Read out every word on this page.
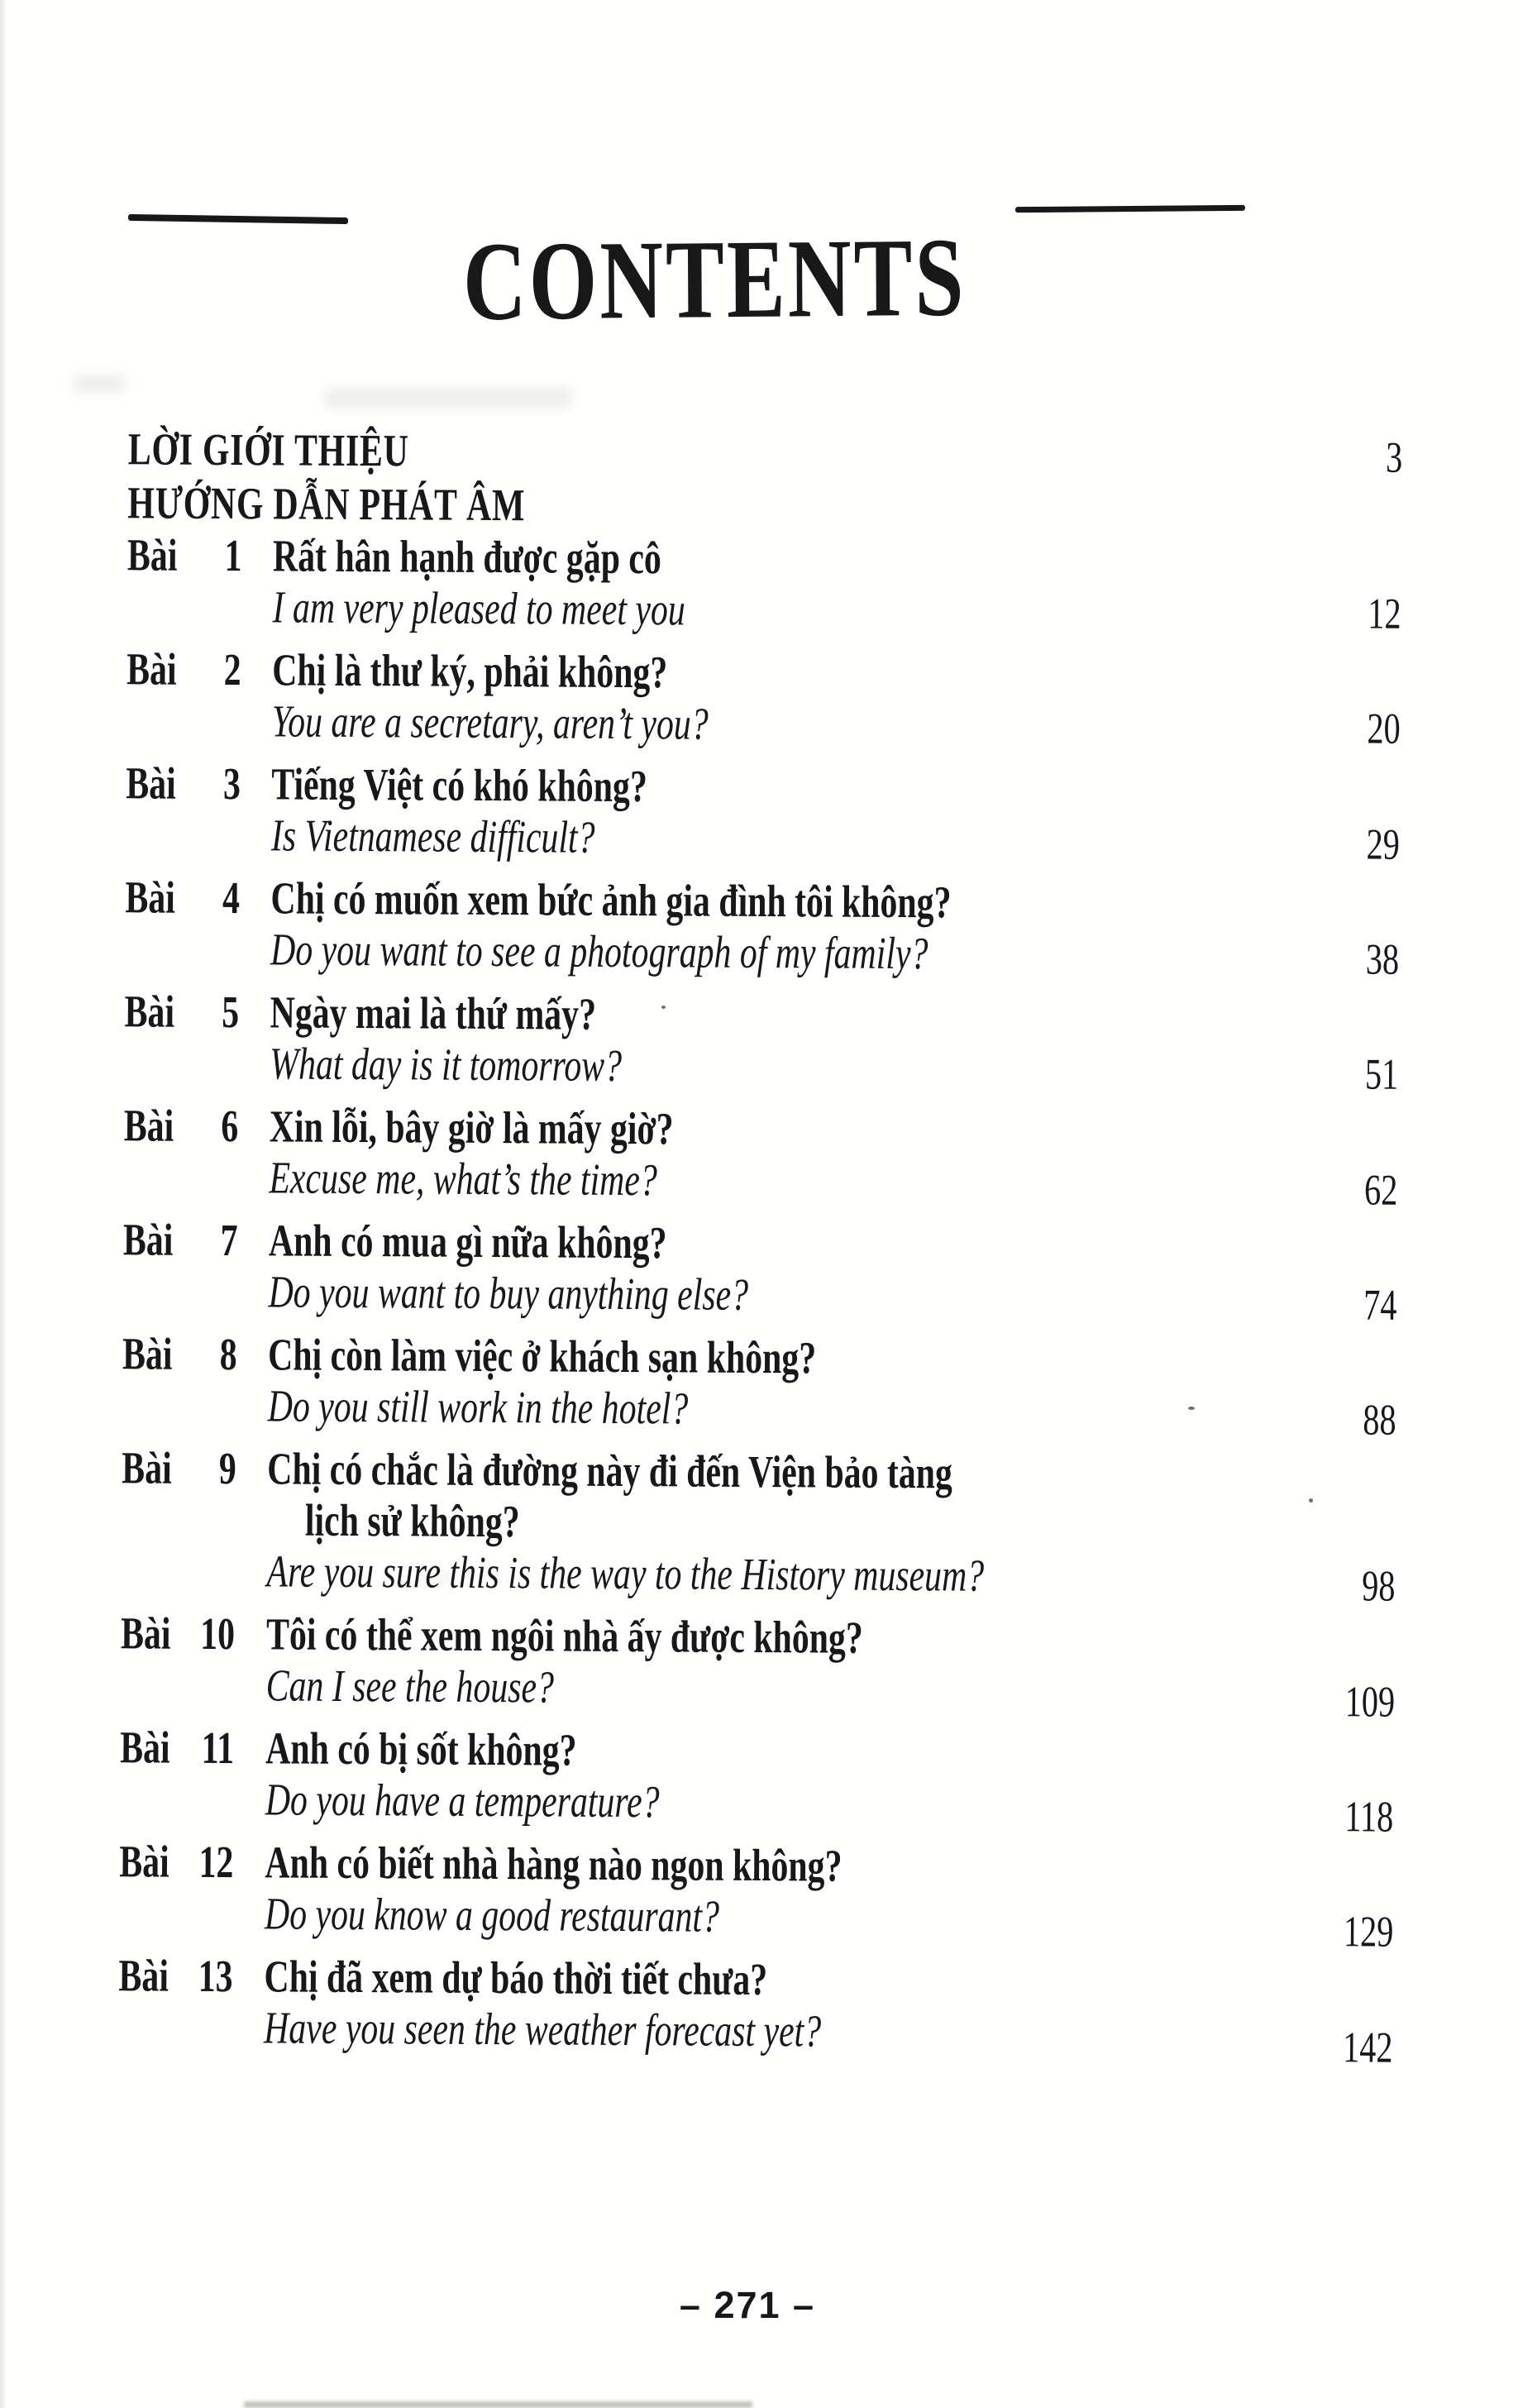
CONTENTS
LỜI GIỚI THIỆU	3
HƯỚNG DẪN PHÁT ÂM
Bài	1 Rất hân hạnh được gặp cô
I am very pleased to meet you	12
Bài	2 Chị là thư ký, phải không?
You are a secretary, aren’t you?	20
Bài	3 Tiếng Việt có khó không?
Is Vietnamese difficult?	29
Bài	4 Chị có muốn xem bức ảnh gia đình tôi không?
Do you want to see a photograph of my family?	38
Bài	5 Ngày mai là thứ mấy?
What day is it tomorrow?	51
Bài	6 Xin lỗi, bây giờ là mấy giờ?
Excuse me, what’s the time?	62
Bài	7 Anh có mua gì nữa không?
Do you want to buy anything else?	74
Bài	8 Chị còn làm việc ở khách sạn không?
Do you still work in the hotel?	88
Bài	9 Chị có chắc là đường này đi đến Viện bảo tàng
lịch sử không?
Are you sure this is the way to the History museum?	98
Bài 10 Tôi có thể xem ngôi nhà ấy được không?
Can I see the house?	109
Bài 11 Anh có bị sốt không?
Do you have a temperature?	118
Bài 12 Anh có biết nhà hàng nào ngon không?
Do you know a good restaurant?	129
Bài 13 Chị đã xem dự báo thời tiết chưa?
Have you seen the weather forecast yet?	142
– 271 –
